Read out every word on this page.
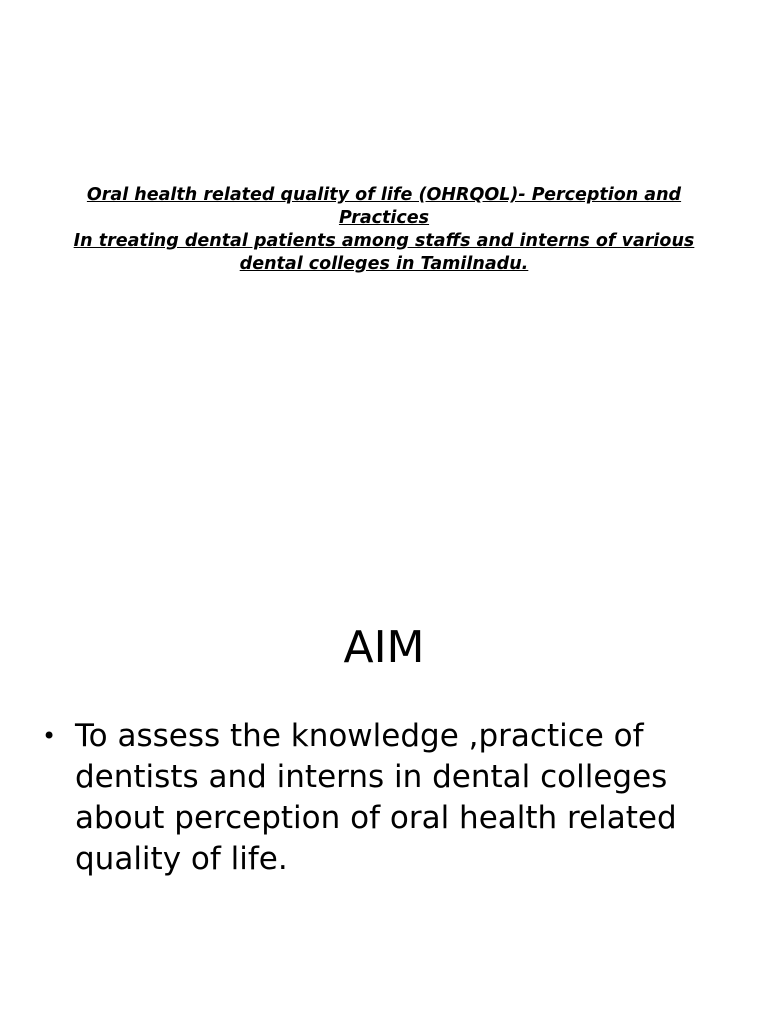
Oral health related quality of life (OHRQOL)- Perception and Practices
In treating dental patients among staffs and interns of various dental colleges in Tamilnadu.
AIM
• To assess the knowledge ,practice of dentists and interns in dental colleges about perception of oral health related quality of life.
